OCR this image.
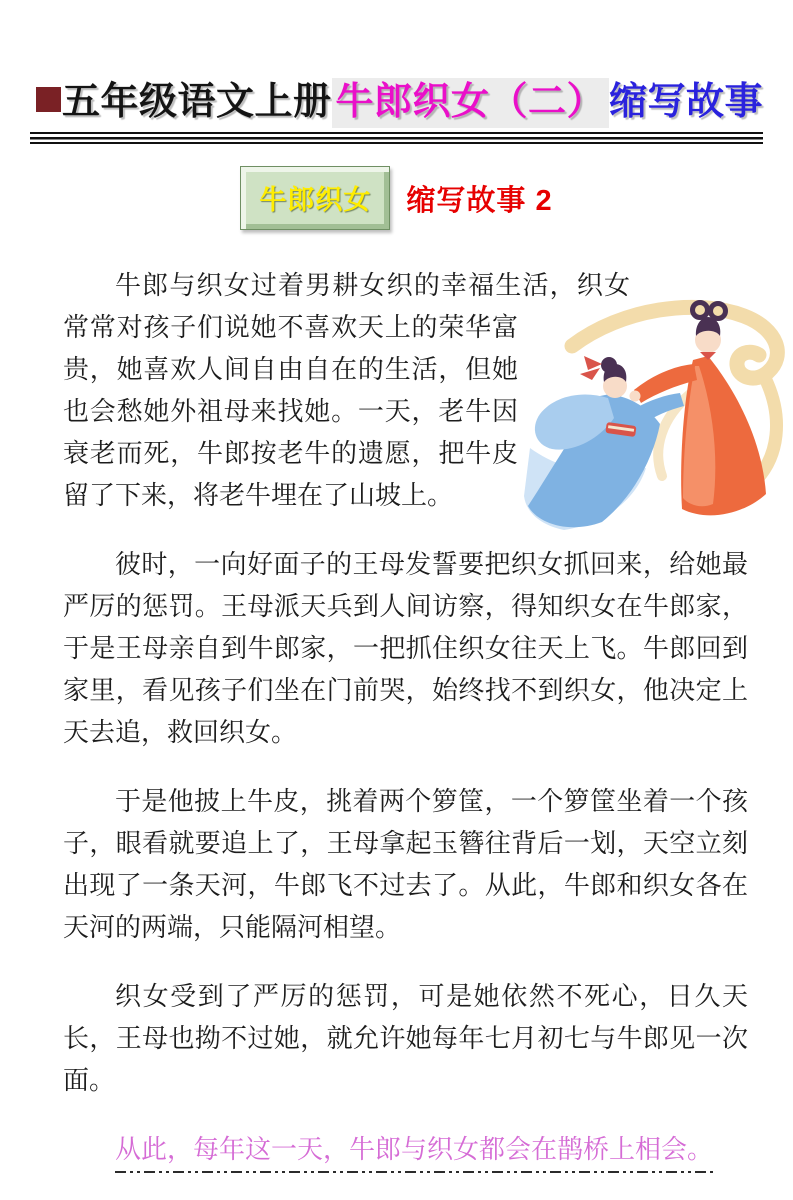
五年级语文上册 牛郎织女（二） 缩写故事
牛郎织女	缩写故事 2

牛郎与织女过着男耕女织的幸福生活，织女常常对孩子们说她不喜欢天上的荣华富贵，她喜欢人间自由自在的生活，但她也会愁她外祖母来找她。一天，老牛因衰老而死，牛郎按老牛的遗愿，把牛皮留了下来，将老牛埋在了山坡上。

彼时，一向好面子的王母发誓要把织女抓回来，给她最严厉的惩罚。王母派天兵到人间访察，得知织女在牛郎家，于是王母亲自到牛郎家，一把抓住织女往天上飞。牛郎回到家里，看见孩子们坐在门前哭，始终找不到织女，他决定上天去追，救回织女。

于是他披上牛皮，挑着两个箩筐，一个箩筐坐着一个孩子，眼看就要追上了，王母拿起玉簪往背后一划，天空立刻出现了一条天河，牛郎飞不过去了。从此，牛郎和织女各在天河的两端，只能隔河相望。

织女受到了严厉的惩罚，可是她依然不死心，日久天长，王母也拗不过她，就允许她每年七月初七与牛郎见一次面。

从此，每年这一天，牛郎与织女都会在鹊桥上相会。
